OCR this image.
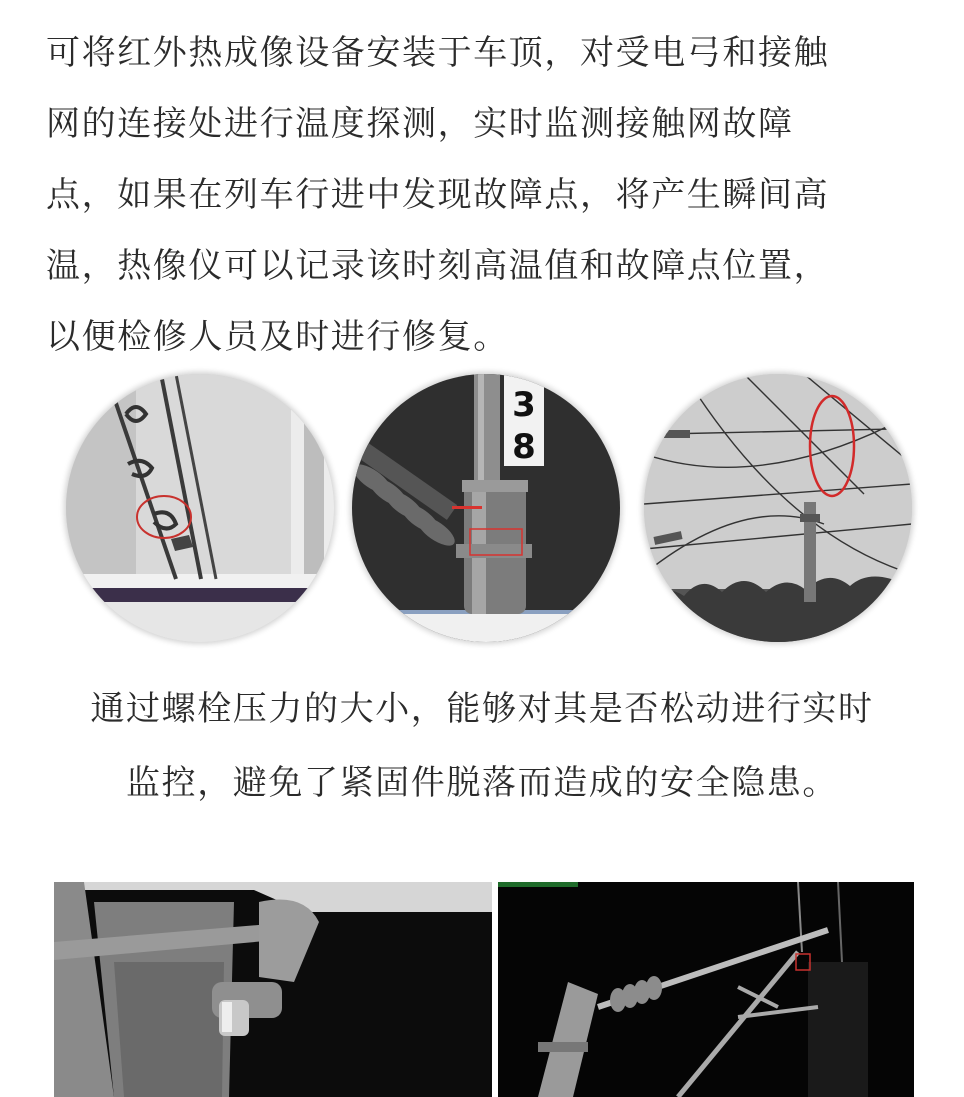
可将红外热成像设备安装于车顶，对受电弓和接触
网的连接处进行温度探测，实时监测接触网故障
点，如果在列车行进中发现故障点，将产生瞬间高
温，热像仪可以记录该时刻高温值和故障点位置，
以便检修人员及时进行修复。

3
8

通过螺栓压力的大小，能够对其是否松动进行实时
监控，避免了紧固件脱落而造成的安全隐患。
